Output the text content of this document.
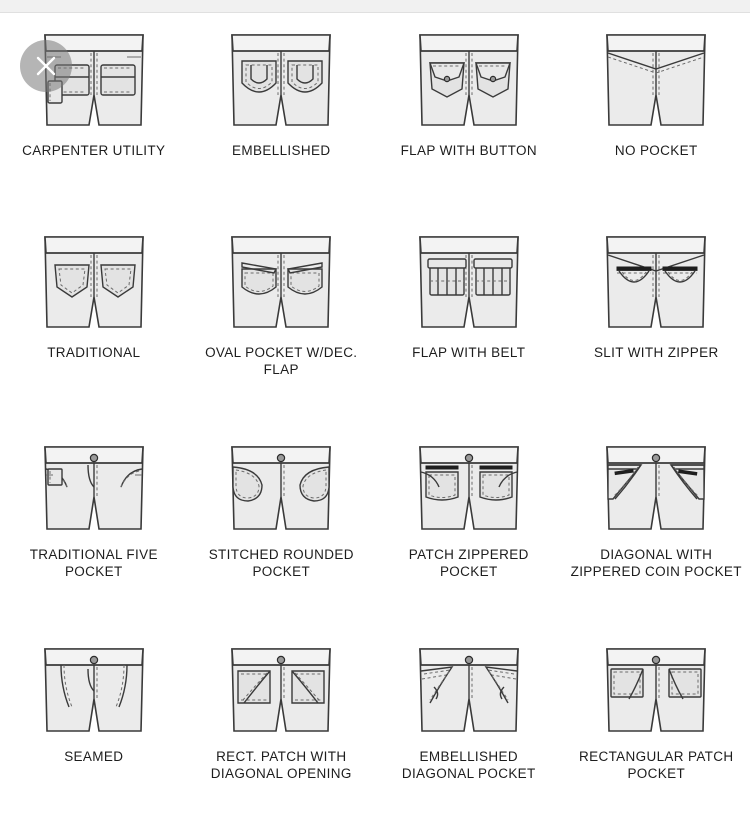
CARPENTER UTILITY	EMBELLISHED	FLAP WITH BUTTON	NO POCKET
TRADITIONAL	OVAL POCKET W/DEC. FLAP
FLAP WITH BELT	SLIT WITH ZIPPER
TRADITIONAL FIVE POCKET
STITCHED ROUNDED POCKET
PATCH ZIPPERED POCKET
DIAGONAL WITH ZIPPERED COIN POCKET
SEAMED	RECT. PATCH WITH DIAGONAL OPENING
EMBELLISHED DIAGONAL POCKET
RECTANGULAR PATCH POCKET
